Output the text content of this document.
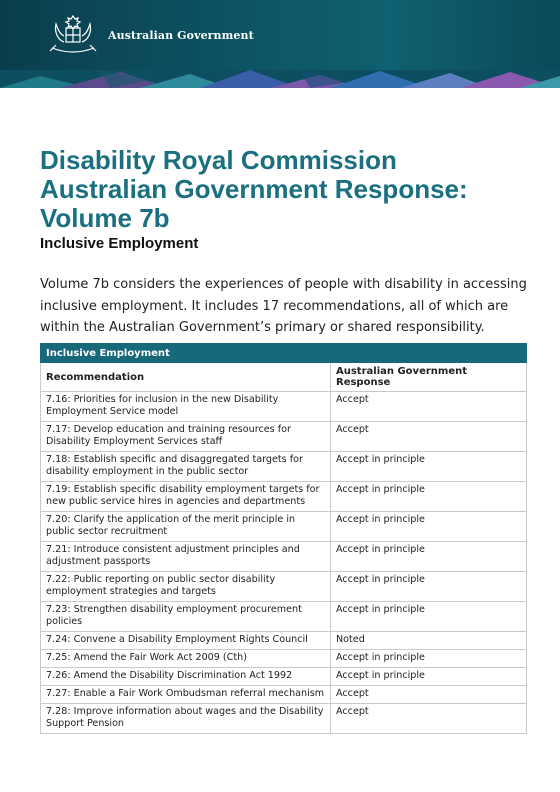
Australian Government
Disability Royal Commission
Australian Government Response:
Volume 7b
Inclusive Employment

Volume 7b considers the experiences of people with disability in accessing inclusive employment. It includes 17 recommendations, all of which are within the Australian Government’s primary or shared responsibility.

Inclusive Employment	
Recommendation	Australian Government Response
7.16: Priorities for inclusion in the new Disability Employment Service model	Accept
7.17: Develop education and training resources for Disability Employment Services staff	Accept
7.18: Establish specific and disaggregated targets for disability employment in the public sector	Accept in principle
7.19: Establish specific disability employment targets for new public service hires in agencies and departments	Accept in principle
7.20: Clarify the application of the merit principle in public sector recruitment	Accept in principle
7.21: Introduce consistent adjustment principles and adjustment passports	Accept in principle
7.22: Public reporting on public sector disability employment strategies and targets	Accept in principle
7.23: Strengthen disability employment procurement policies	Accept in principle
7.24: Convene a Disability Employment Rights Council	Noted
7.25: Amend the Fair Work Act 2009 (Cth)	Accept in principle
7.26: Amend the Disability Discrimination Act 1992	Accept in principle
7.27: Enable a Fair Work Ombudsman referral mechanism	Accept
7.28: Improve information about wages and the Disability Support Pension	Accept
